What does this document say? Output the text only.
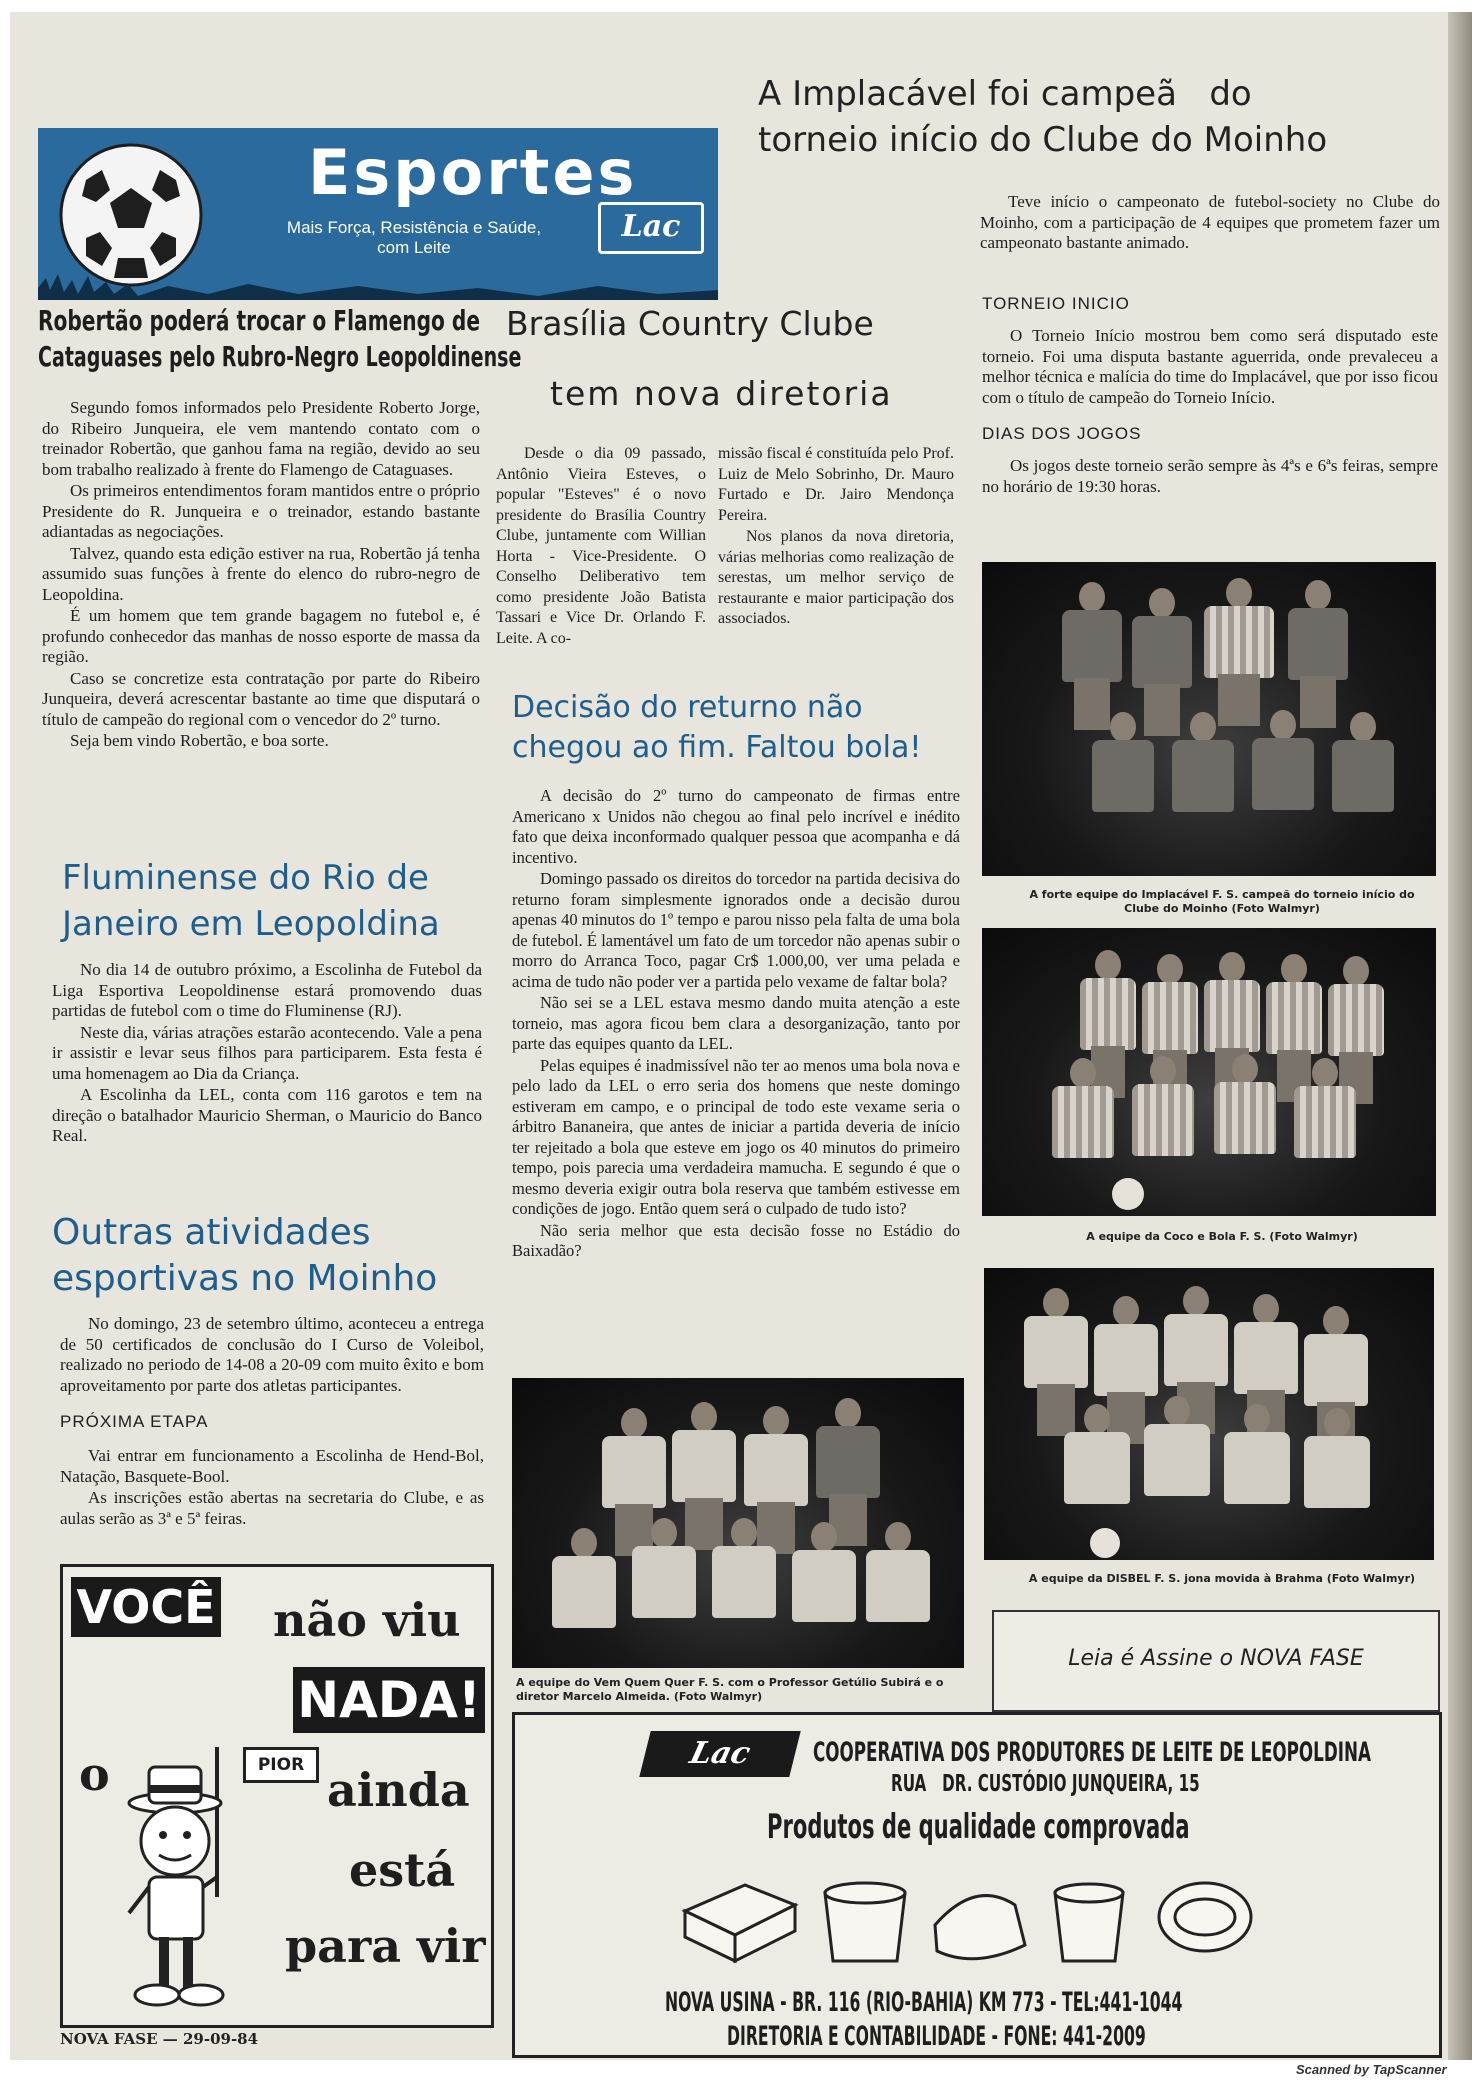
Esportes
Mais Força, Resistência e Saúde,
com Leite
Lac
A Implacável foi campeã   do
torneio início do Clube do Moinho

Teve início o campeonato de futebol-society no Clube do Moinho, com a participação de 4 equipes que prometem fazer um campeonato bastante animado.

TORNEIO INICIO

O Torneio Início mostrou bem como será disputado este torneio. Foi uma disputa bastante aguerrida, onde prevaleceu a melhor técnica e malícia do time do Implacável, que por isso ficou com o título de campeão do Torneio Início.

DIAS DOS JOGOS

Os jogos deste torneio serão sempre às 4ªs e 6ªs feiras, sempre no horário de 19:30 horas.

Robertão poderá trocar o Flamengo de
Cataguases pelo Rubro-Negro Leopoldinense

Segundo fomos informados pelo Presidente Roberto Jorge, do Ribeiro Junqueira, ele vem mantendo contato com o treinador Robertão, que ganhou fama na região, devido ao seu bom trabalho realizado à frente do Flamengo de Cataguases.

Os primeiros entendimentos foram mantidos entre o próprio Presidente do R. Junqueira e o treinador, estando bastante adiantadas as negociações.

Talvez, quando esta edição estiver na rua, Robertão já tenha assumido suas funções à frente do elenco do rubro-negro de Leopoldina.

É um homem que tem grande bagagem no futebol e, é profundo conhecedor das manhas de nosso esporte de massa da região.

Caso se concretize esta contratação por parte do Ribeiro Junqueira, deverá acrescentar bastante ao time que disputará o título de campeão do regional com o vencedor do 2º turno.

Seja bem vindo Robertão, e boa sorte.

Brasília Country Clube
tem nova diretoria

Desde o dia 09 passado, Antônio Vieira Esteves, o popular "Esteves" é o novo presidente do Brasília Country Clube, juntamente com Willian Horta - Vice-Presidente. O Conselho Deliberativo tem como presidente João Batista Tassari e Vice Dr. Orlando F. Leite. A co-

missão fiscal é constituída pelo Prof. Luiz de Melo Sobrinho, Dr. Mauro Furtado e Dr. Jairo Mendonça Pereira.

Nos planos da nova diretoria, várias melhorias como realização de serestas, um melhor serviço de restaurante e maior participação dos associados.

Decisão do returno não
chegou ao fim. Faltou bola!

A decisão do 2º turno do campeonato de firmas entre Americano x Unidos não chegou ao final pelo incrível e inédito fato que deixa inconformado qualquer pessoa que acompanha e dá incentivo.

Domingo passado os direitos do torcedor na partida decisiva do returno foram simplesmente ignorados onde a decisão durou apenas 40 minutos do 1º tempo e parou nisso pela falta de uma bola de futebol. É lamentável um fato de um torcedor não apenas subir o morro do Arranca Toco, pagar Cr$ 1.000,00, ver uma pelada e acima de tudo não poder ver a partida pelo vexame de faltar bola?

Não sei se a LEL estava mesmo dando muita atenção a este torneio, mas agora ficou bem clara a desorganização, tanto por parte das equipes quanto da LEL.

Pelas equipes é inadmissível não ter ao menos uma bola nova e pelo lado da LEL o erro seria dos homens que neste domingo estiveram em campo, e o principal de todo este vexame seria o árbitro Bananeira, que antes de iniciar a partida deveria de início ter rejeitado a bola que esteve em jogo os 40 minutos do primeiro tempo, pois parecia uma verdadeira mamucha. E segundo é que o mesmo deveria exigir outra bola reserva que também estivesse em condições de jogo. Então quem será o culpado de tudo isto?

Não seria melhor que esta decisão fosse no Estádio do Baixadão?

Fluminense do Rio de
Janeiro em Leopoldina

No dia 14 de outubro próximo, a Escolinha de Futebol da Liga Esportiva Leopoldinense estará promovendo duas partidas de futebol com o time do Fluminense (RJ).

Neste dia, várias atrações estarão acontecendo. Vale a pena ir assistir e levar seus filhos para participarem. Esta festa é uma homenagem ao Dia da Criança.

A Escolinha da LEL, conta com 116 garotos e tem na direção o batalhador Mauricio Sherman, o Mauricio do Banco Real.

Outras atividades
esportivas no Moinho

No domingo, 23 de setembro último, aconteceu a entrega de 50 certificados de conclusão do I Curso de Voleibol, realizado no periodo de 14-08 a 20-09 com muito êxito e bom aproveitamento por parte dos atletas participantes.

PRÓXIMA ETAPA

Vai entrar em funcionamento a Escolinha de Hend-Bol, Natação, Basquete-Bool.

As inscrições estão abertas na secretaria do Clube, e as aulas serão as 3ª e 5ª feiras.

VOCÊ não viu
NADA!
o	ainda
está
para vir
PIOR
A forte equipe do Implacável F. S. campeã do torneio início do Clube do Moinho (Foto Walmyr)
A equipe da Coco e Bola F. S. (Foto Walmyr)
A equipe da DISBEL F. S. jona movida à Brahma (Foto Walmyr)
A equipe do Vem Quem Quer F. S. com o Professor Getúlio Subirá e o diretor Marcelo Almeida. (Foto Walmyr)
Leia é Assine o NOVA FASE
Lac	COOPERATIVA DOS PRODUTORES DE LEITE DE LEOPOLDINA
RUA   DR. CUSTÓDIO JUNQUEIRA, 15
Produtos de qualidade comprovada
NOVA USINA - BR. 116 (RIO-BAHIA) KM 773 - TEL:441-1044
DIRETORIA E CONTABILIDADE - FONE: 441-2009
NOVA FASE — 29-09-84
Scanned by TapScanner
